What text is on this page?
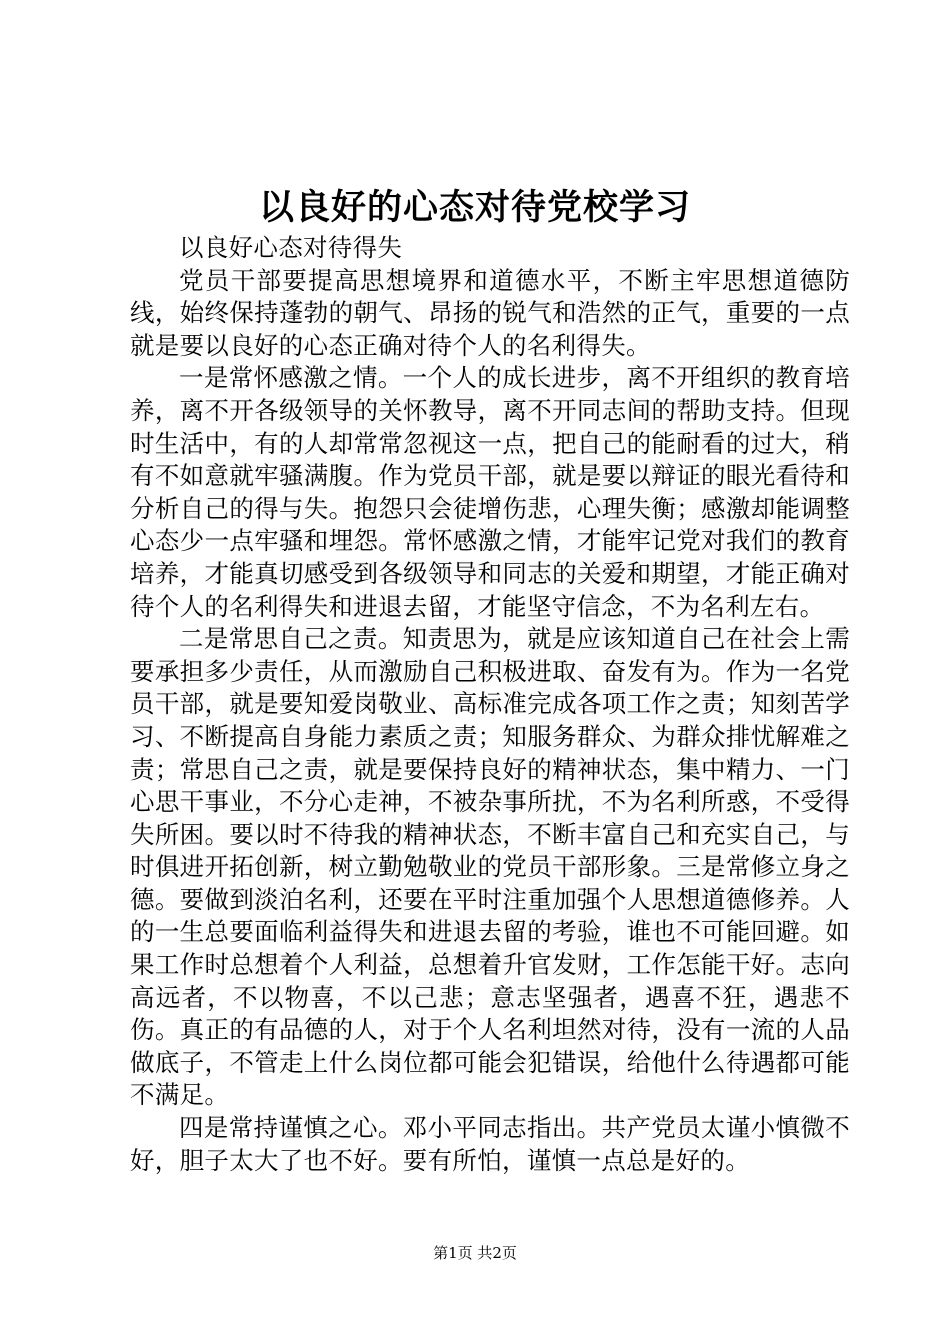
以良好的心态对待党校学习

以良好心态对待得失

党员干部要提高思想境界和道德水平，不断主牢思想道德防线，始终保持蓬勃的朝气、昂扬的锐气和浩然的正气，重要的一点就是要以良好的心态正确对待个人的名利得失。

一是常怀感激之情。一个人的成长进步，离不开组织的教育培养，离不开各级领导的关怀教导，离不开同志间的帮助支持。但现时生活中，有的人却常常忽视这一点，把自己的能耐看的过大，稍有不如意就牢骚满腹。作为党员干部，就是要以辩证的眼光看待和分析自己的得与失。抱怨只会徒增伤悲，心理失衡；感激却能调整心态少一点牢骚和埋怨。常怀感激之情，才能牢记党对我们的教育培养，才能真切感受到各级领导和同志的关爱和期望，才能正确对待个人的名利得失和进退去留，才能坚守信念，不为名利左右。

二是常思自己之责。知责思为，就是应该知道自己在社会上需要承担多少责任，从而激励自己积极进取、奋发有为。作为一名党员干部，就是要知爱岗敬业、高标准完成各项工作之责；知刻苦学习、不断提高自身能力素质之责；知服务群众、为群众排忧解难之责；常思自己之责，就是要保持良好的精神状态，集中精力、一门心思干事业，不分心走神，不被杂事所扰，不为名利所惑，不受得失所困。要以时不待我的精神状态，不断丰富自己和充实自己，与时俱进开拓创新，树立勤勉敬业的党员干部形象。三是常修立身之德。要做到淡泊名利，还要在平时注重加强个人思想道德修养。人的一生总要面临利益得失和进退去留的考验，谁也不可能回避。如果工作时总想着个人利益，总想着升官发财，工作怎能干好。志向高远者，不以物喜，不以己悲；意志坚强者，遇喜不狂，遇悲不伤。真正的有品德的人，对于个人名利坦然对待，没有一流的人品做底子，不管走上什么岗位都可能会犯错误，给他什么待遇都可能不满足。

四是常持谨慎之心。邓小平同志指出。共产党员太谨小慎微不好，胆子太大了也不好。要有所怕，谨慎一点总是好的。

第1页 共2页
